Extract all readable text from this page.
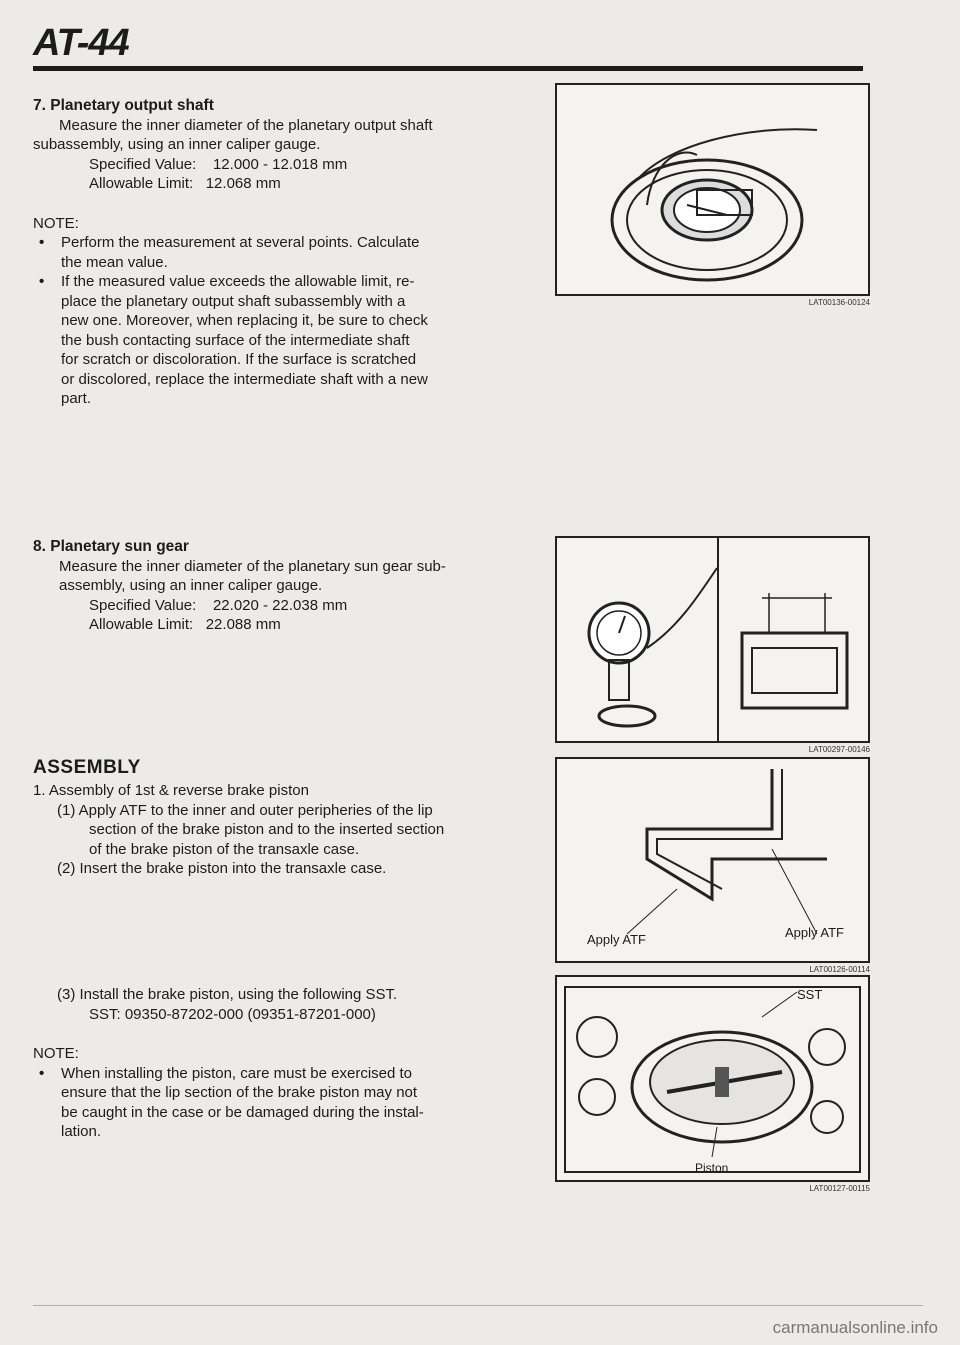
AT-44
7. Planetary output shaft
Measure the inner diameter of the planetary output shaft
subassembly, using an inner caliper gauge.
Specified Value:    12.000 - 12.018 mm
Allowable Limit:   12.068 mm
NOTE:
•	Perform the measurement at several points. Calculate
the mean value.
•	If the measured value exceeds the allowable limit, re-
place the planetary output shaft subassembly with a
new one. Moreover, when replacing it, be sure to check
the bush contacting surface of the intermediate shaft
for scratch or discoloration. If the surface is scratched
or discolored, replace the intermediate shaft with a new
part.
LAT00136-00124
8. Planetary sun gear
Measure the inner diameter of the planetary sun gear sub-
assembly, using an inner caliper gauge.
Specified Value:    22.020 - 22.038 mm
Allowable Limit:   22.088 mm
LAT00297-00146
ASSEMBLY
1. Assembly of 1st & reverse brake piston
(1) Apply ATF to the inner and outer peripheries of the lip
section of the brake piston and to the inserted section
of the brake piston of the transaxle case.
(2) Insert the brake piston into the transaxle case.
Apply ATF	Apply ATF
LAT00126-00114
(3) Install the brake piston, using the following SST.
SST: 09350-87202-000 (09351-87201-000)
NOTE:
•	When installing the piston, care must be exercised to
ensure that the lip section of the brake piston may not
be caught in the case or be damaged during the instal-
lation.
SST
Piston
LAT00127-00115
carmanualsonline.info
